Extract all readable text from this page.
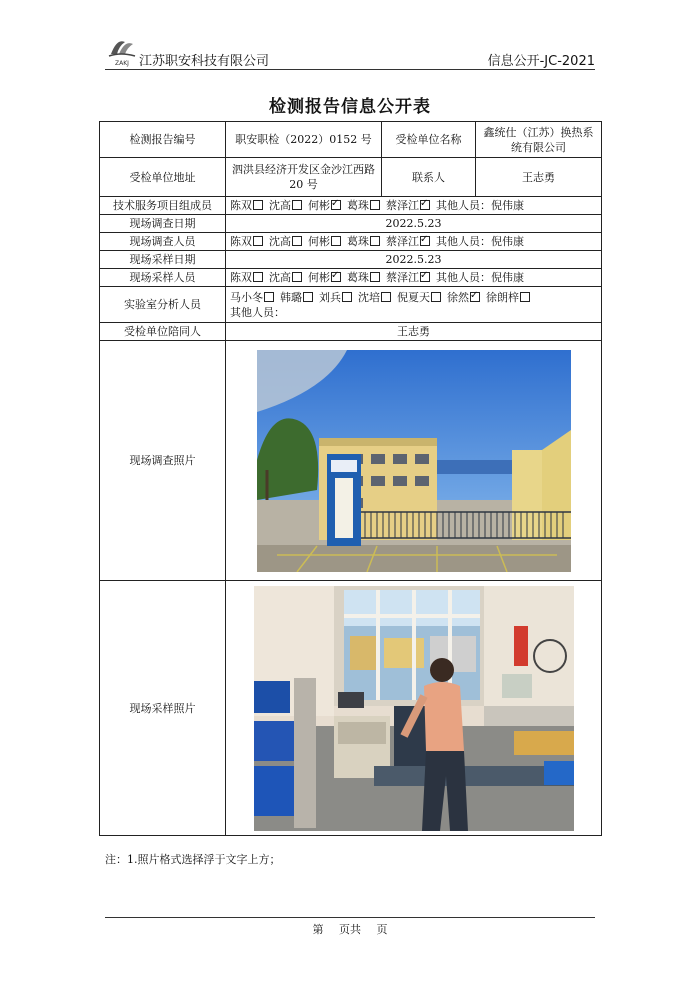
ZAKJ 江苏职安科技有限公司	信息公开-JC-2021
检测报告信息公开表
检测报告编号	职安职检（2022）0152 号	受检单位名称	鑫统仕（江苏）换热系统有限公司
受检单位地址	泗洪县经济开发区金沙江西路 20 号	联系人	王志勇
技术服务项目组成员	陈双 沈高 何彬 ✓ 葛珠 蔡泽江 ✓ 其他人员：倪伟康
现场调查日期	2022.5.23		
现场调查人员	陈双 沈高 何彬 葛珠 蔡泽江 ✓ 其他人员：倪伟康
现场采样日期	2022.5.23		
现场采样人员	陈双 沈高 何彬 ✓ 葛珠 蔡泽江 ✓ 其他人员：倪伟康
实验室分析人员	马小冬 韩璐 刘兵 沈培 倪夏天 徐然 ✓ 徐朗梓
其他人员：

受检单位陪同人	王志勇		
现场调查照片	

现场采样照片	
注：1.照片格式选择浮于文字上方；
第 页共 页
